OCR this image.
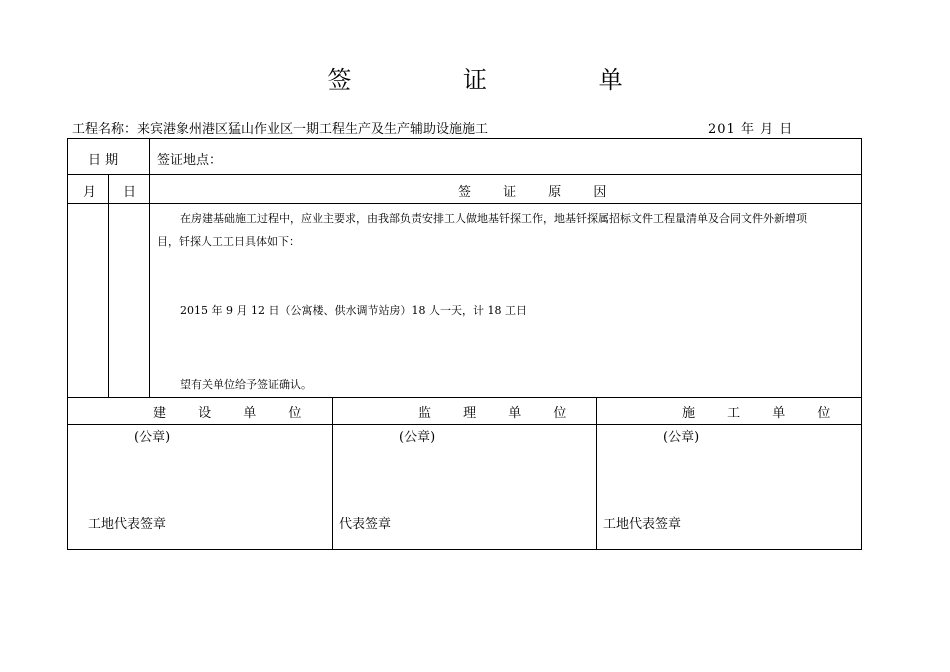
签 证 单
工程名称：来宾港象州港区猛山作业区一期工程生产及生产辅助设施施工	201 年 月 日
日 期	签证地点：
月 日	签 证 原 因
在房建基础施工过程中，应业主要求，由我部负责安排工人做地基钎探工作，地基钎探属招标文件工程量清单及合同文件外新增项
目，钎探人工工日具体如下：
2015 年 9 月 12 日（公寓楼、供水调节站房）18 人一天，计 18 工日
望有关单位给予签证确认。
建 设 单 位	监 理 单 位	施 工 单 位
(公章)	(公章)	(公章)
工地代表签章	代表签章	工地代表签章
